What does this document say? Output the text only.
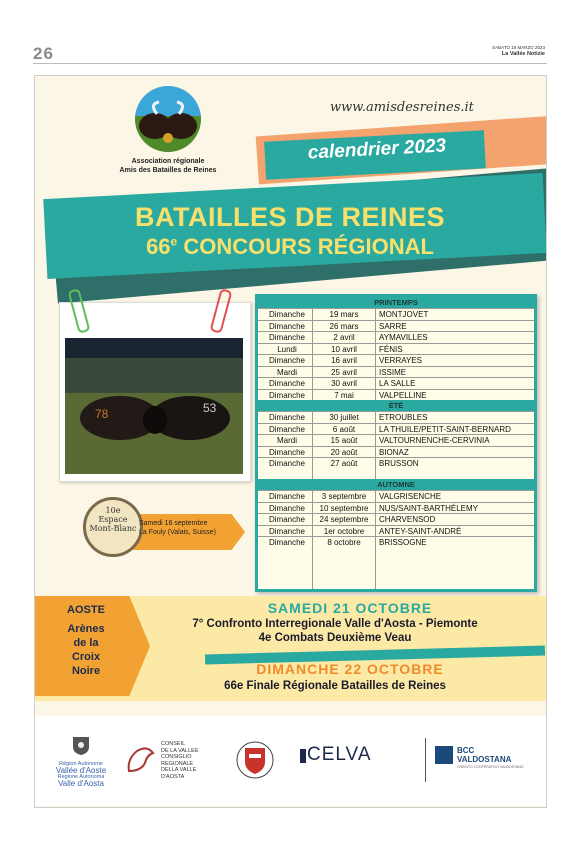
26	SABATO 18 MARZO 2023
La Vallée Notizie
Association régionale
Amis des Batailles de Reines
www.amisdesreines.it
calendrier 2023
BATAILLES DE REINES
66e CONCOURS RÉGIONAL
78	53
10e
Espace
Mont-Blanc
Samedi 16 septembre
La Fouly (Valais, Suisse)
PRINTEMPS
Dimanche	19 mars	MONTJOVET
Dimanche	26 mars	SARRE
Dimanche	2 avril	AYMAVILLES
Lundi	10 avril	FÉNIS
Dimanche	16 avril	VERRAYES
Mardi	25 avril	ISSIME
Dimanche	30 avril	LA SALLE
Dimanche	7 mai	VALPELLINE
ÉTÉ
Dimanche	30 juillet	ETROUBLES
Dimanche	6 août	LA THUILE/PETIT-SAINT-BERNARD
Mardi	15 août	VALTOURNENCHE-CERVINIA
Dimanche	20 août	BIONAZ
Dimanche	27 août	BRUSSON
AUTOMNE
Dimanche	3 septembre	VALGRISENCHE
Dimanche	10 septembre	NUS/SAINT-BARTHÉLEMY
Dimanche	24 septembre	CHARVENSOD
Dimanche	1er octobre	ANTEY-SAINT-ANDRÉ
Dimanche	8 octobre	BRISSOGNE
AOSTE
Arènes
de la
Croix
Noire
SAMEDI 21 OCTOBRE
7° Confronto Interregionale Valle d'Aosta - Piemonte
4e Combats Deuxième Veau
DIMANCHE 22 OCTOBRE
66e Finale Régionale Batailles de Reines
Région Autonome
Vallée d'Aoste
Regione Autonoma
Valle d'Aosta
CONSEIL
DE LA VALLEE
CONSIGLIO
REGIONALE
DELLA VALLE
D'AOSTA
CELVA	BCC
VALDOSTANA
CREDITO COOPERATIVO VALDOSTANO
